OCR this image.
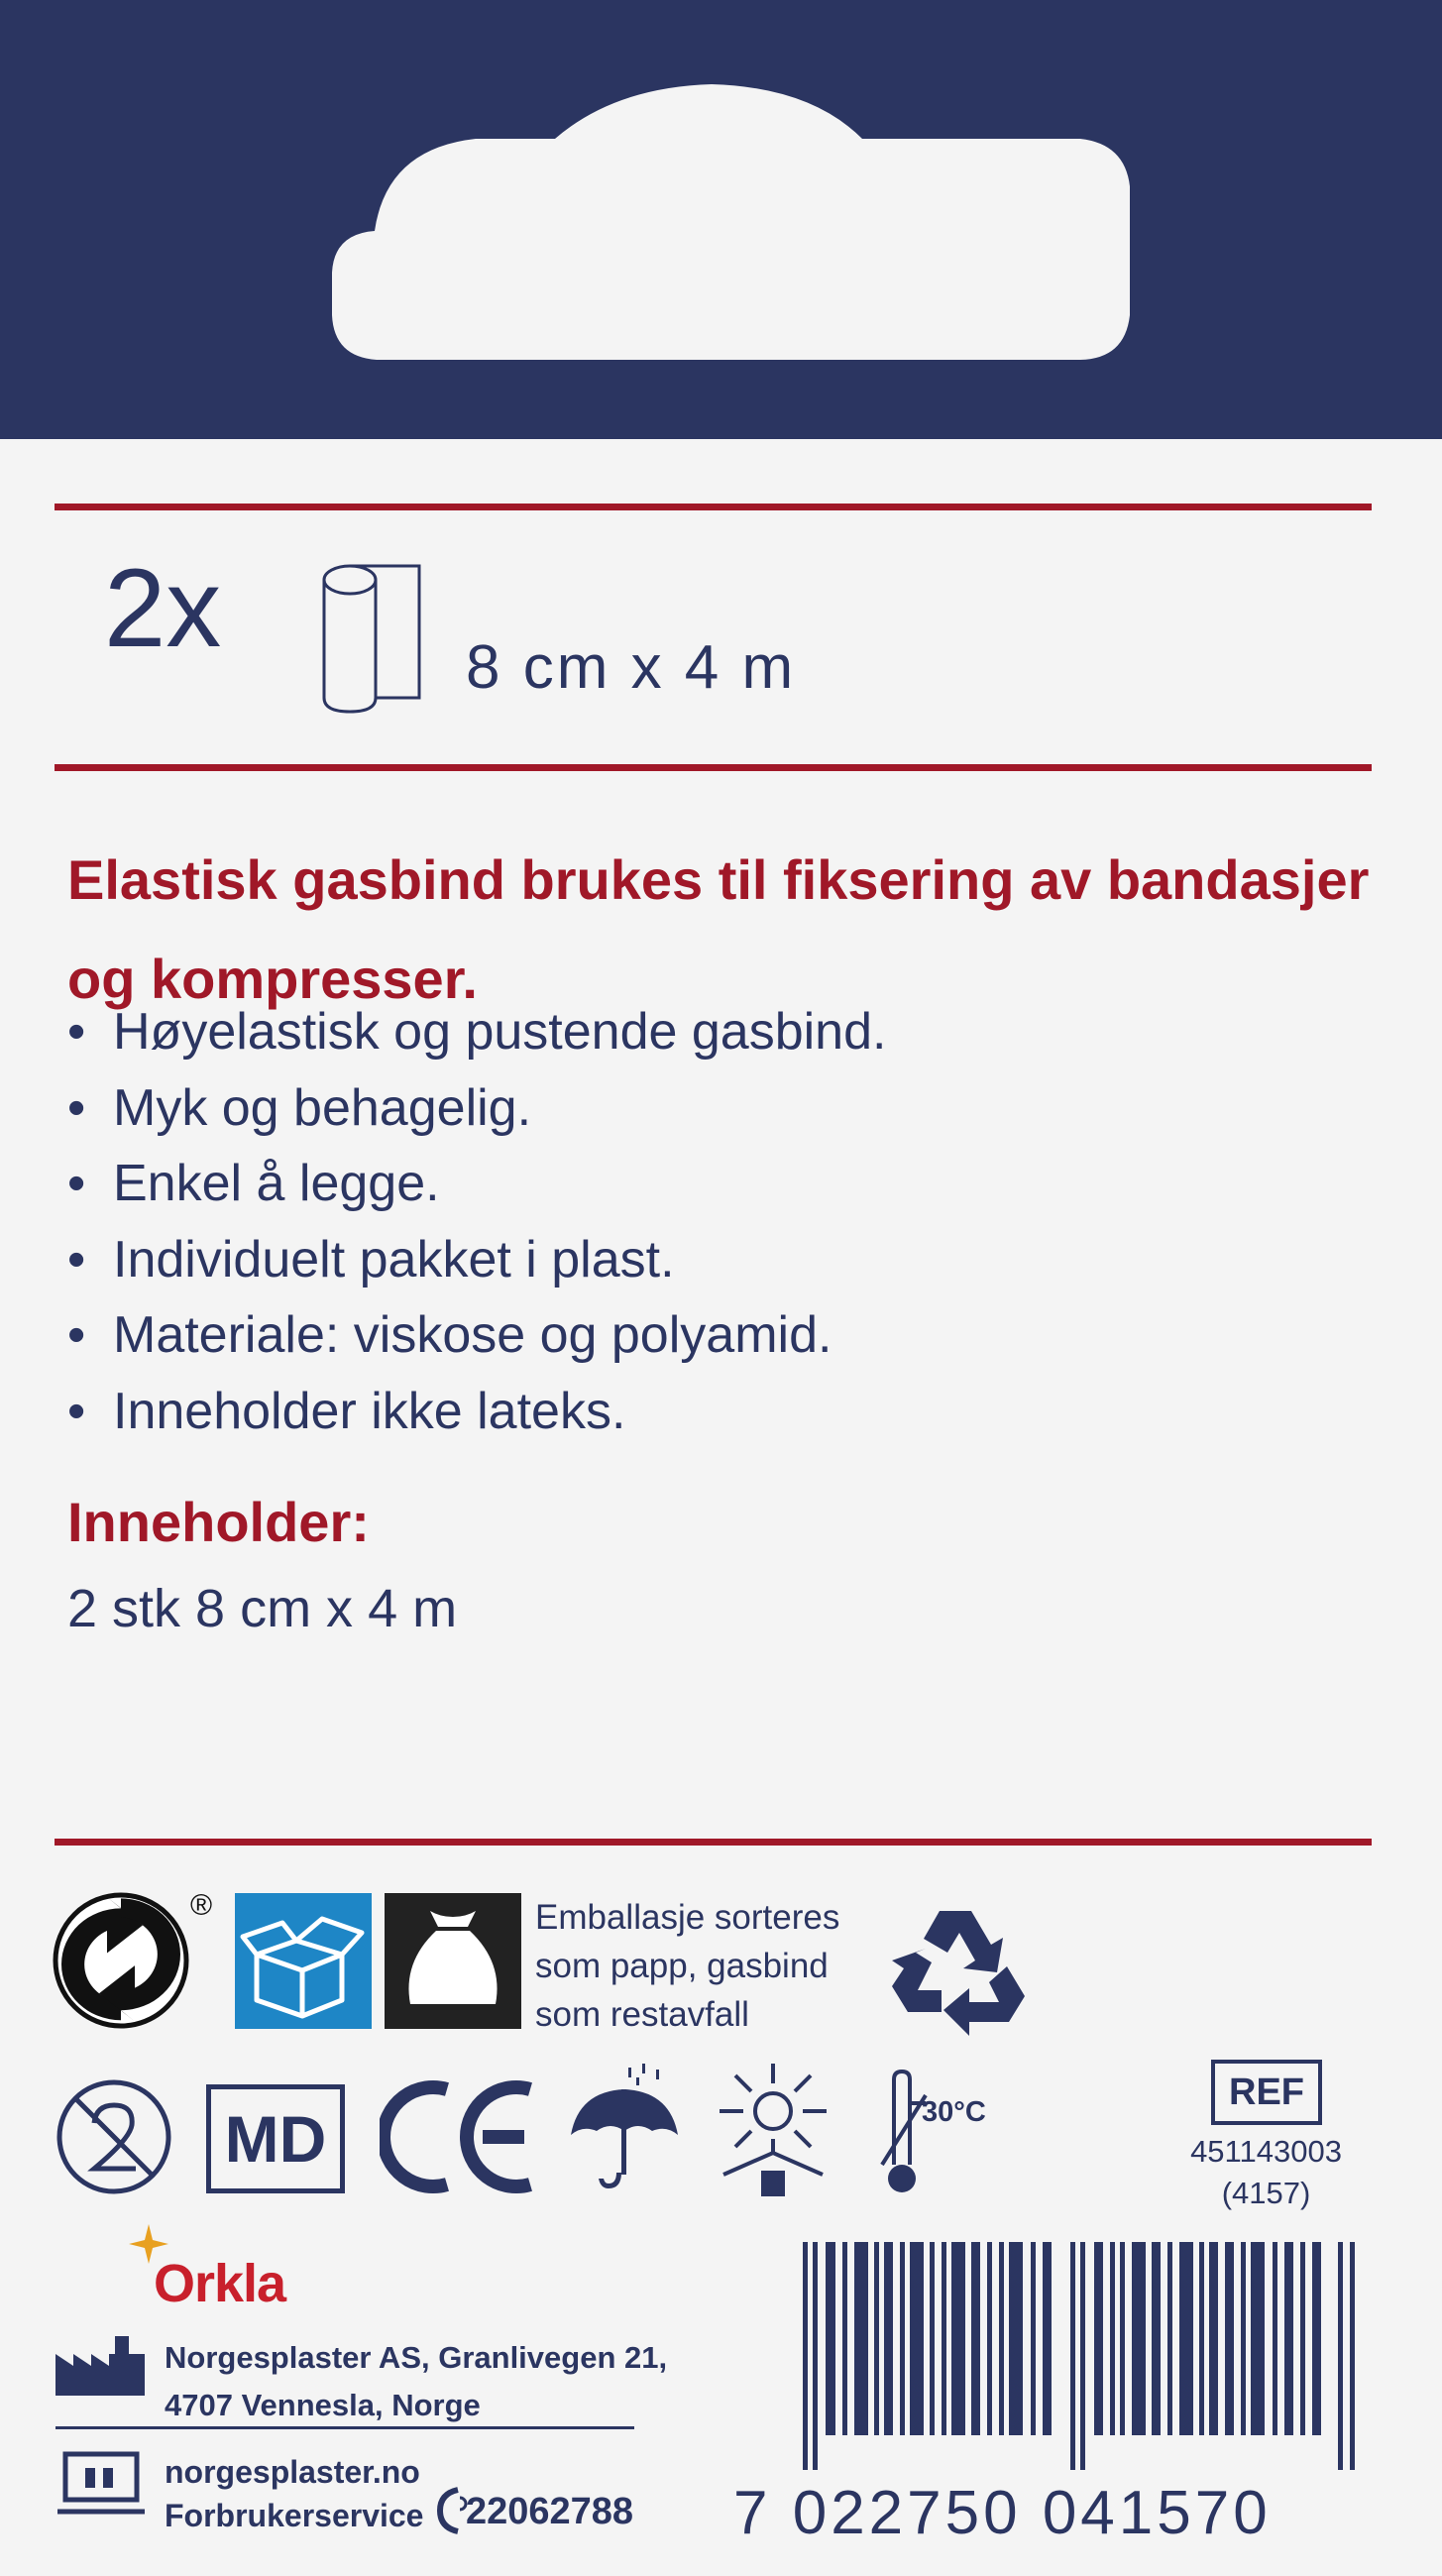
2x	8 cm x 4 m
Elastisk gasbind brukes til fiksering av bandasjer og kompresser.
• Høyelastisk og pustende gasbind.
• Myk og behagelig.
• Enkel å legge.
• Individuelt pakket i plast.
• Materiale: viskose og polyamid.
• Inneholder ikke lateks.
Inneholder:
2 stk 8 cm x 4 m
®	Emballasje sorteres
som papp, gasbind
som restavfall
MD	30°C	REF
451143003
(4157)
Orkla
Norgesplaster AS, Granlivegen 21,
4707 Vennesla, Norge
norgesplaster.no
Forbrukerservice 22062788 7 022750 041570
